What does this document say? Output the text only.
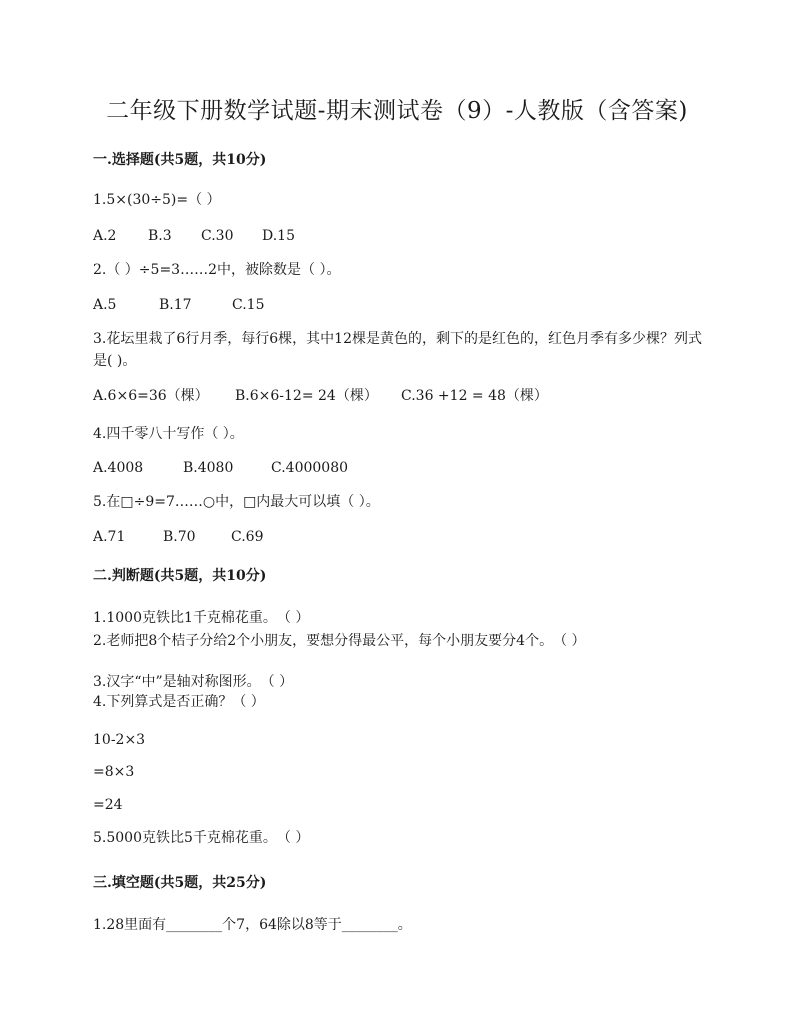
二年级下册数学试题-期末测试卷（9）-人教版（含答案)
一.选择题(共5题，共10分)
1.5×(30÷5)=（ ）
A.2 B.3 C.30 D.15
2.（ ）÷5=3……2中，被除数是（ ）。
A.5	B.17	C.15
3.花坛里栽了6行月季，每行6棵，其中12棵是黄色的，剩下的是红色的，红色月季有多少棵？列式是( )。
A.6×6=36（棵） B.6×6-12= 24（棵） C.36 +12 = 48（棵）
4.四千零八十写作（ ）。
A.4008	B.4080	C.4000080
5.在□÷9=7……○中，□内最大可以填（ ）。
A.71	B.70	C.69
二.判断题(共5题，共10分)
1.1000克铁比1千克棉花重。　（ ）
2.老师把8个桔子分给2个小朋友，要想分得最公平，每个小朋友要分4个。　（ ）
3.汉字“中”是轴对称图形。　（ ）
4.下列算式是否正确？（ ）
10-2×3
=8×3
=24
5.5000克铁比5千克棉花重。　（ ）
三.填空题(共5题，共25分)
1.28里面有________个7，64除以8等于________。
